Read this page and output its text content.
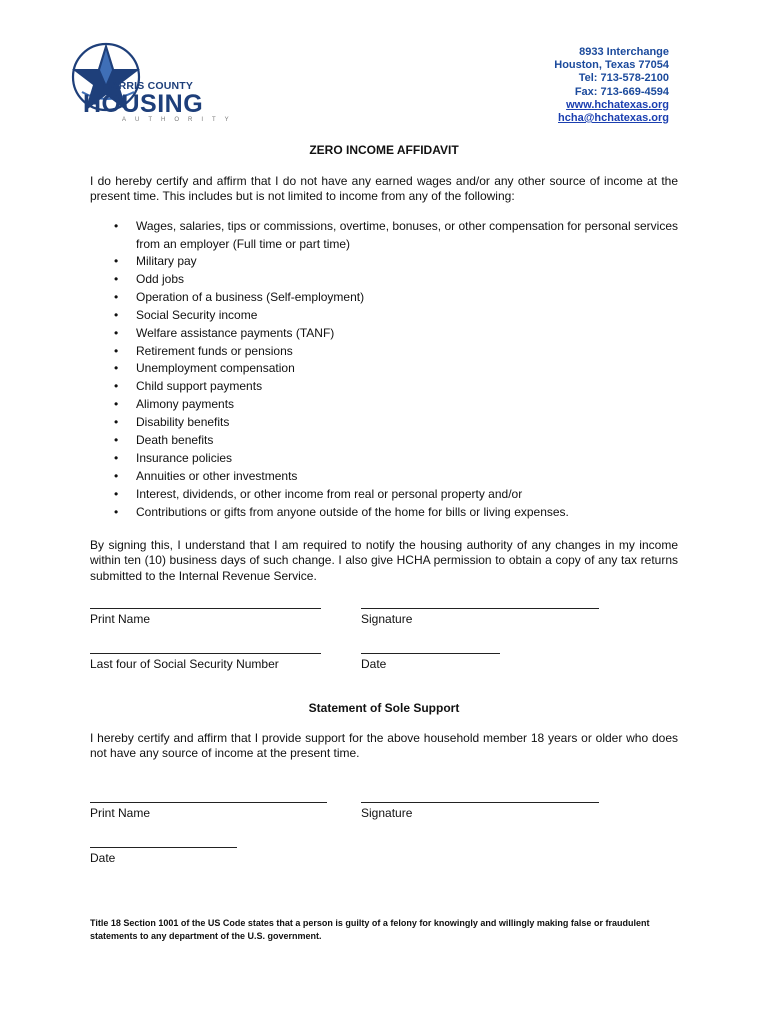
HARRIS COUNTY
HOUSING
AUTHORITY
8933 Interchange
Houston, Texas 77054
Tel: 713-578-2100
Fax: 713-669-4594
www.hchatexas.org
hcha@hchatexas.org
ZERO INCOME AFFIDAVIT
I do hereby certify and affirm that I do not have any earned wages and/or any other source of income at the present time. This includes but is not limited to income from any of the following:
• Wages, salaries, tips or commissions, overtime, bonuses, or other compensation for personal services from an employer (Full time or part time)
• Military pay
• Odd jobs
• Operation of a business (Self-employment)
• Social Security income
• Welfare assistance payments (TANF)
• Retirement funds or pensions
• Unemployment compensation
• Child support payments
• Alimony payments
• Disability benefits
• Death benefits
• Insurance policies
• Annuities or other investments
• Interest, dividends, or other income from real or personal property and/or
• Contributions or gifts from anyone outside of the home for bills or living expenses.
By signing this, I understand that I am required to notify the housing authority of any changes in my income within ten (10) business days of such change. I also give HCHA permission to obtain a copy of any tax returns submitted to the Internal Revenue Service.
Print Name	Signature
Last four of Social Security Number	Date
Statement of Sole Support
I hereby certify and affirm that I provide support for the above household member 18 years or older who does not have any source of income at the present time.
Print Name	Signature
Date
Title 18 Section 1001 of the US Code states that a person is guilty of a felony for knowingly and willingly making false or fraudulent statements to any department of the U.S. government.
